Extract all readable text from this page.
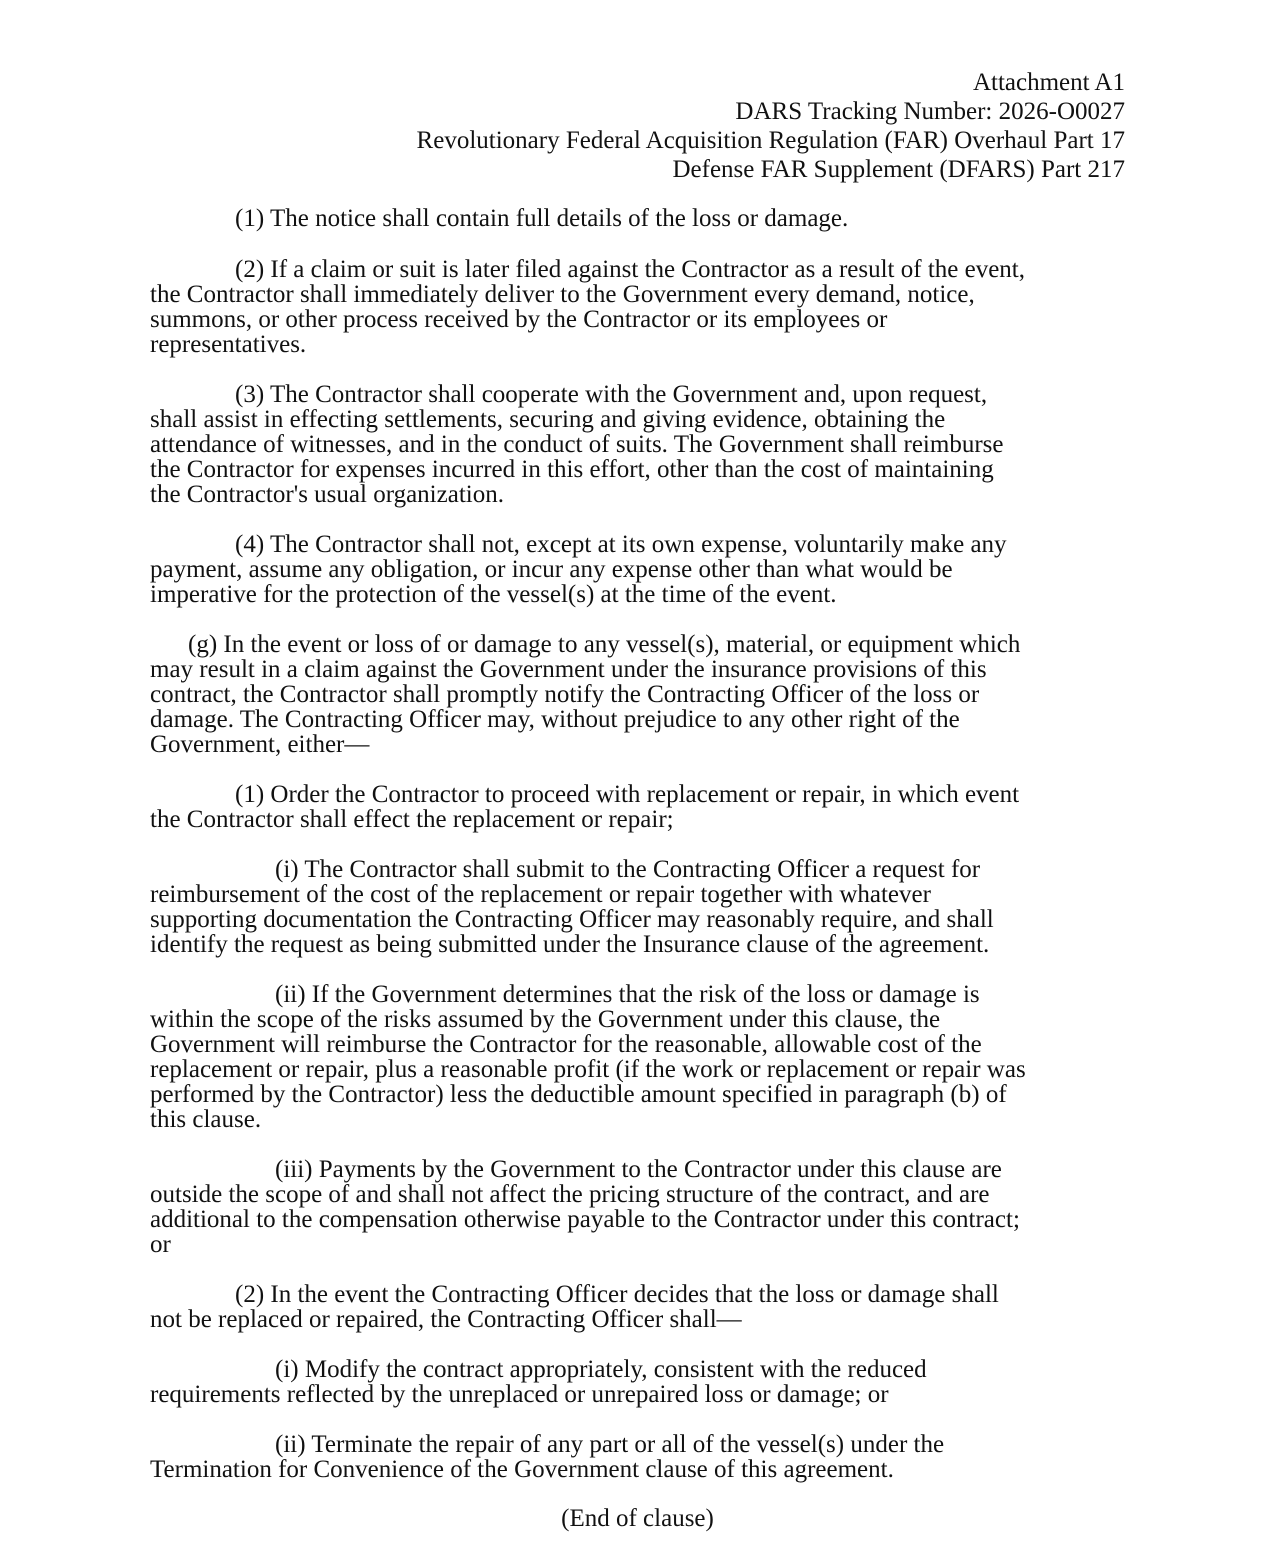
Attachment A1
DARS Tracking Number: 2026-O0027
Revolutionary Federal Acquisition Regulation (FAR) Overhaul Part 17
Defense FAR Supplement (DFARS) Part 217
(1) The notice shall contain full details of the loss or damage.
(2) If a claim or suit is later filed against the Contractor as a result of the event,
the Contractor shall immediately deliver to the Government every demand, notice,
summons, or other process received by the Contractor or its employees or
representatives.
(3) The Contractor shall cooperate with the Government and, upon request,
shall assist in effecting settlements, securing and giving evidence, obtaining the
attendance of witnesses, and in the conduct of suits. The Government shall reimburse
the Contractor for expenses incurred in this effort, other than the cost of maintaining
the Contractor's usual organization.
(4) The Contractor shall not, except at its own expense, voluntarily make any
payment, assume any obligation, or incur any expense other than what would be
imperative for the protection of the vessel(s) at the time of the event.
(g) In the event or loss of or damage to any vessel(s), material, or equipment which
may result in a claim against the Government under the insurance provisions of this
contract, the Contractor shall promptly notify the Contracting Officer of the loss or
damage. The Contracting Officer may, without prejudice to any other right of the
Government, either—
(1) Order the Contractor to proceed with replacement or repair, in which event
the Contractor shall effect the replacement or repair;
(i) The Contractor shall submit to the Contracting Officer a request for
reimbursement of the cost of the replacement or repair together with whatever
supporting documentation the Contracting Officer may reasonably require, and shall
identify the request as being submitted under the Insurance clause of the agreement.
(ii) If the Government determines that the risk of the loss or damage is
within the scope of the risks assumed by the Government under this clause, the
Government will reimburse the Contractor for the reasonable, allowable cost of the
replacement or repair, plus a reasonable profit (if the work or replacement or repair was
performed by the Contractor) less the deductible amount specified in paragraph (b) of
this clause.
(iii) Payments by the Government to the Contractor under this clause are
outside the scope of and shall not affect the pricing structure of the contract, and are
additional to the compensation otherwise payable to the Contractor under this contract;
or
(2) In the event the Contracting Officer decides that the loss or damage shall
not be replaced or repaired, the Contracting Officer shall—
(i) Modify the contract appropriately, consistent with the reduced
requirements reflected by the unreplaced or unrepaired loss or damage; or
(ii) Terminate the repair of any part or all of the vessel(s) under the
Termination for Convenience of the Government clause of this agreement.
(End of clause)
